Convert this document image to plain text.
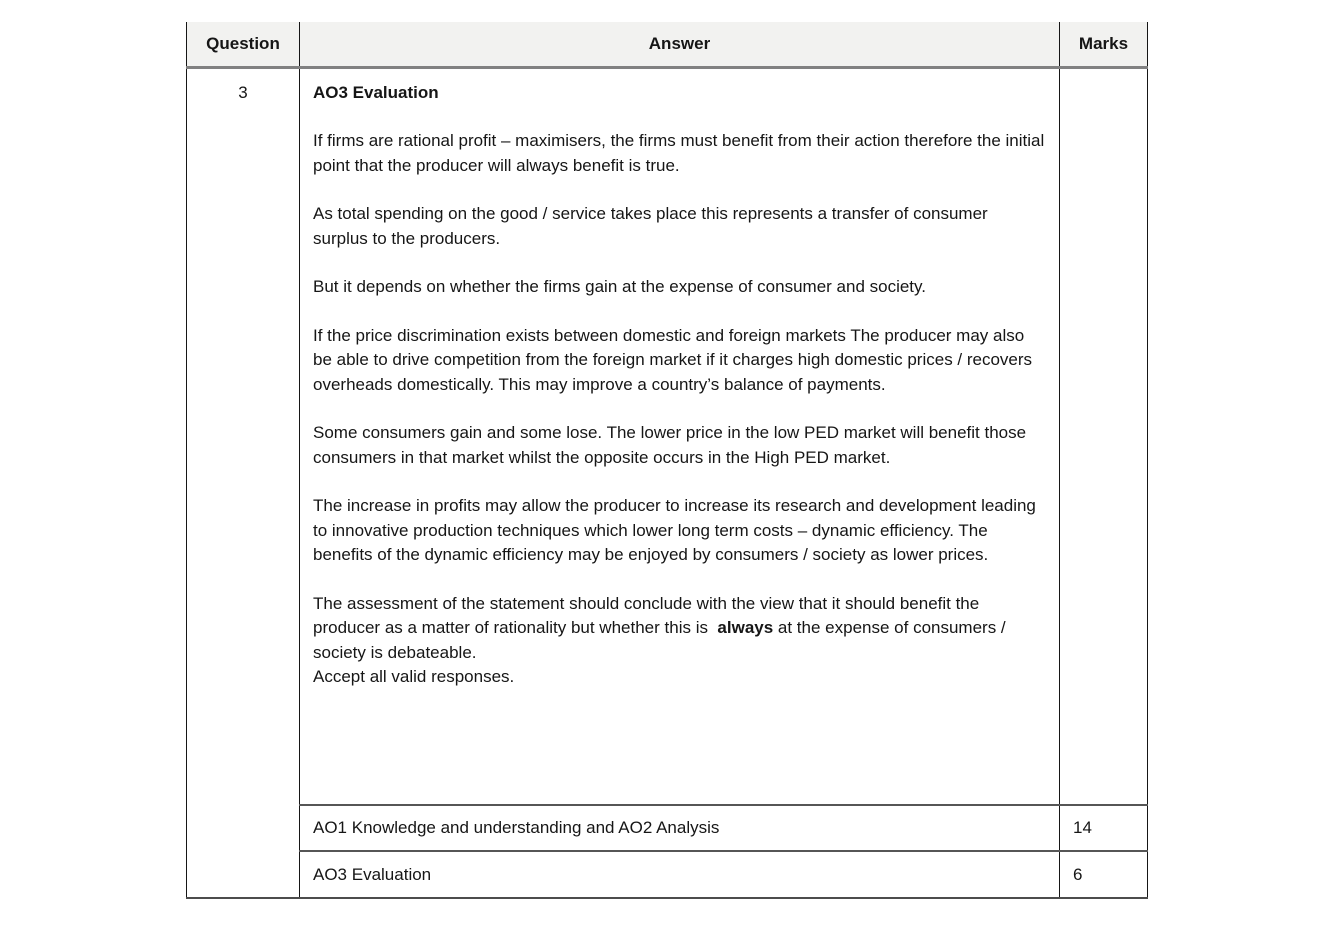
Question	Answer	Marks
3	AO3 Evaluation

If firms are rational profit – maximisers, the firms must benefit from their action therefore the initial point that the producer will always benefit is true.

As total spending on the good / service takes place this represents a transfer of consumer surplus to the producers.

But it depends on whether the firms gain at the expense of consumer and society.

If the price discrimination exists between domestic and foreign markets The producer may also be able to drive competition from the foreign market if it charges high domestic prices / recovers overheads domestically. This may improve a country’s balance of payments.

Some consumers gain and some lose. The lower price in the low PED market will benefit those consumers in that market whilst the opposite occurs in the High PED market.

The increase in profits may allow the producer to increase its research and development leading to innovative production techniques which lower long term costs – dynamic efficiency. The benefits of the dynamic efficiency may be enjoyed by consumers / society as lower prices.

The assessment of the statement should conclude with the view that it should benefit the producer as a matter of rationality but whether this is  always at the expense of consumers / society is debateable.

Accept all valid responses.

	AO1 Knowledge and understanding and AO2 Analysis	14
	AO3 Evaluation	6
